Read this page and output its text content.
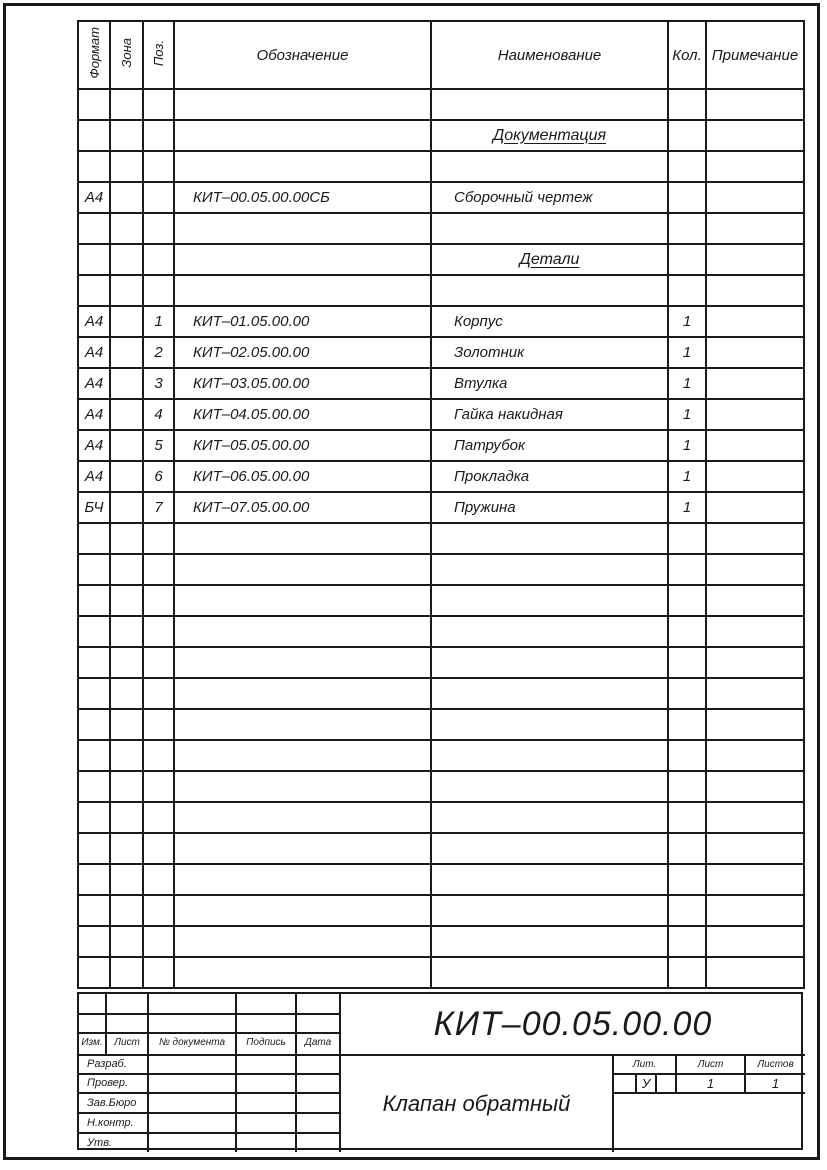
Формат	Зона	Поз.	Обозначение	Наименование	Кол.	Примечание

				Документация		

А4			КИТ–00.05.00.00СБ	Сборочный чертеж		

				Детали		

А4		1	КИТ–01.05.00.00	Корпус	1	
А4		2	КИТ–02.05.00.00	Золотник	1	
А4		3	КИТ–03.05.00.00	Втулка	1	
А4		4	КИТ–04.05.00.00	Гайка накидная	1	
А4		5	КИТ–05.05.00.00	Патрубок	1	
А4		6	КИТ–06.05.00.00	Прокладка	1	
БЧ		7	КИТ–07.05.00.00	Пружина	1	

Изм.	Лист	№ документа	Подпись	Дата
Разраб.
Провер.
Зав.Бюро
Н.контр.
Утв.
КИТ–00.05.00.00
Клапан обратный
Лит.	Лист	Листов
У	1	1
